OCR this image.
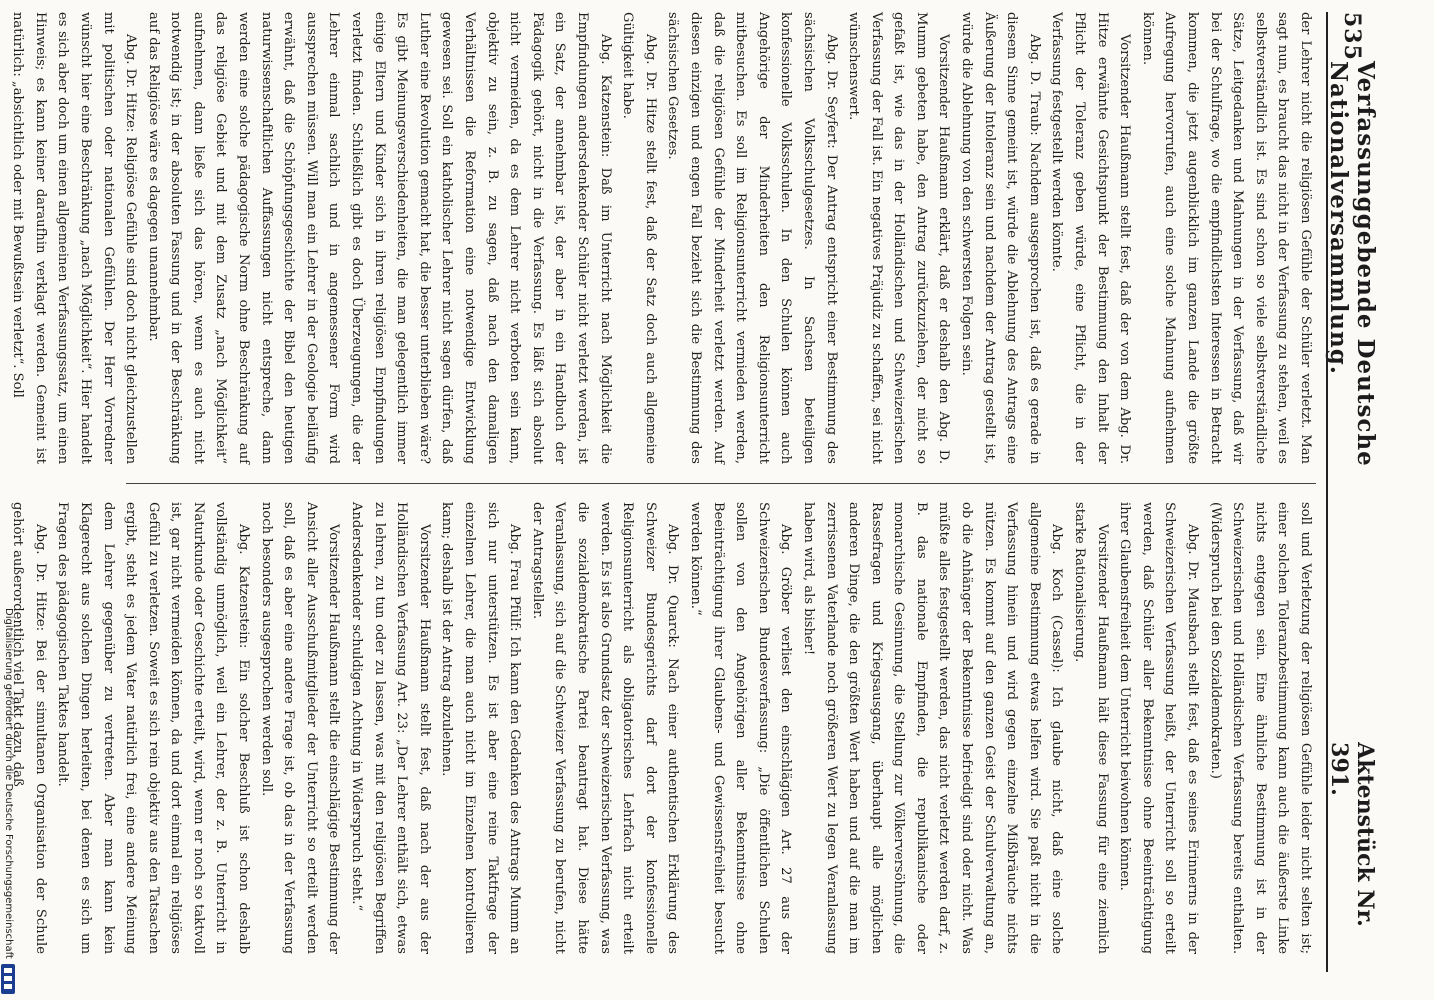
535
Verfassunggebende Deutsche Nationalversammlung.
Aktenstück Nr. 391.

der Lehrer nicht die religiösen Gefühle der Schüler verletzt. Man sagt nun, es braucht das nicht in der Verfassung zu stehen, weil es selbstverständlich ist. Es sind schon so viele selbstverständliche Sätze, Leitgedanken und Mahnungen in der Verfassung, daß wir bei der Schulfrage, wo die empfindlichsten Interessen in Betracht kommen, die jetzt augenblicklich im ganzen Lande die größte Aufregung hervorrufen, auch eine solche Mahnung aufnehmen können.

Vorsitzender Haußmann stellt fest, daß der von dem Abg. Dr. Hitze erwähnte Gesichtspunkt der Bestimmung den Inhalt der Pflicht der Toleranz geben würde, eine Pflicht, die in der Verfassung festgestellt werden könnte.

Abg. D. Traub: Nachdem ausgesprochen ist, daß es gerade in diesem Sinne gemeint ist, würde die Ablehnung des Antrags eine Äußerung der Intoleranz sein und nachdem der Antrag gestellt ist, würde die Ablehnung von den schwersten Folgen sein.

Vorsitzender Haußmann erklärt, daß er deshalb den Abg. D. Mumm gebeten habe, den Antrag zurückzuziehen, der nicht so gefaßt ist, wie das in der Holländischen und Schweizerischen Verfassung der Fall ist. Ein negatives Präjudiz zu schaffen, sei nicht wünschenswert.

Abg. Dr. Seyfert: Der Antrag entspricht einer Bestimmung des sächsischen Volksschulgesetzes. In Sachsen beteiligen konfessionelle Volksschulen. In den Schulen können auch Angehörige der Minderheiten den Religionsunterricht mitbesuchen. Es soll im Religionsunterricht vermieden werden, daß die religiösen Gefühle der Minderheit verletzt werden. Auf diesen einzigen und engen Fall bezieht sich die Bestimmung des sächsischen Gesetzes.

Abg. Dr. Hitze stellt fest, daß der Satz doch auch allgemeine Gültigkeit habe.

Abg. Katzenstein: Daß im Unterricht nach Möglichkeit die Empfindungen andersdenkender Schüler nicht verletzt werden, ist ein Satz, der annehmbar ist, der aber in ein Handbuch der Pädagogik gehört, nicht in die Verfassung. Es läßt sich absolut nicht vermeiden, da es dem Lehrer nicht verboten sein kann, objektiv zu sein, z. B. zu sagen, daß nach den damaligen Verhältnissen die Reformation eine notwendige Entwicklung gewesen sei. Soll ein katholischer Lehrer nicht sagen dürfen, daß Luther eine Revolution gemacht hat, die besser unterblieben wäre? Es gibt Meinungsverschiedenheiten, die man gelegentlich immer einige Eltern und Kinder sich in ihren religiösen Empfindungen verletzt finden. Schließlich gibt es doch Überzeugungen, die der Lehrer einmal sachlich und in angemessener Form wird aussprechen müssen. Will man ein Lehrer in der Geologie beiläufig erwähnt, daß die Schöpfungsgeschichte der Bibel den heutigen naturwissenschaftlichen Auffassungen nicht entspreche, dann werden eine solche pädagogische Norm ohne Beschränkung auf das religiöse Gebiet und mit dem Zusatz „nach Möglichkeit“ aufnehmen, dann ließe sich das hören, wenn es auch nicht notwendig ist; in der absoluten Fassung und in der Beschränkung auf das Religiöse wäre es dagegen unannehmbar.

Abg. Dr. Hitze: Religiöse Gefühle sind doch nicht gleichzustellen mit politischen oder nationalen Gefühlen. Der Herr Vorredner wünscht hier eine Beschränkung „nach Möglichkeit“. Hier handelt es sich aber doch um einen allgemeinen Verfassungssatz, um einen Hinweis; es kann keiner daraufhin verklagt werden. Gemeint ist natürlich: „absichtlich oder mit Bewußtsein verletzt“. Soll

soll und Verletzung der religiösen Gefühle leider nicht selten ist; einer solchen Toleranzbestimmung kann auch die äußerste Linke nichts entgegen sein. Eine ähnliche Bestimmung ist in der Schweizerischen und Holländischen Verfassung bereits enthalten. (Widerspruch bei den Sozialdemokraten.)

Abg. Dr. Mausbach stellt fest, daß es seines Erinnerns in der Schweizerischen Verfassung heißt, der Unterricht soll so erteilt werden, daß Schüler aller Bekenntnisse ohne Beeinträchtigung ihrer Glaubensfreiheit dem Unterricht beiwohnen können.

Vorsitzender Haußmann hält diese Fassung für eine ziemlich starke Rationalisierung.

Abg. Koch (Cassel): Ich glaube nicht, daß eine solche allgemeine Bestimmung etwas helfen wird. Sie paßt nicht in die Verfassung hinein und wird gegen einzelne Mißbräuche nichts nützen. Es kommt auf den ganzen Geist der Schulverwaltung an, ob die Anhänger der Bekenntnisse befriedigt sind oder nicht. Was müßte alles festgestellt werden, das nicht verletzt werden darf, z. B. das nationale Empfinden, die republikanische oder monarchische Gesinnung, die Stellung zur Völkerversöhnung, die Rassefragen und Kriegsausgang, überhaupt alle möglichen anderen Dinge, die den größten Wert haben und auf die man im zerrissenen Vaterlande noch größeren Wert zu legen Veranlassung haben wird, als bisher!

Abg. Gröber verliest den einschlägigen Art. 27 aus der Schweizerischen Bundesverfassung: „Die öffentlichen Schulen sollen von den Angehörigen aller Bekenntnisse ohne Beeinträchtigung ihrer Glaubens- und Gewissensfreiheit besucht werden können.“

Abg. Dr. Quarck: Nach einer authentischen Erklärung des Schweizer Bundesgerichts darf dort der konfessionelle Religionsunterricht als obligatorisches Lehrfach nicht erteilt werden. Es ist also Grundsatz der schweizerischen Verfassung, was die sozialdemokratische Partei beantragt hat. Diese hätte Veranlassung, sich auf die Schweizer Verfassung zu berufen, nicht der Antragsteller.

Abg. Frau Pfülf: Ich kann den Gedanken des Antrags Mumm an sich nur unterstützen. Es ist aber eine reine Taktfrage der einzelnen Lehrer, die man auch nicht im Einzelnen kontrollieren kann; deshalb ist der Antrag abzulehnen.

Vorsitzender Haußmann stellt fest, daß nach der aus der Holländischen Verfassung Art. 23: „Der Lehrer enthält sich, etwas zu lehren, zu tun oder zu lassen, was mit den religiösen Begriffen Andersdenkender schuldigen Achtung in Widerspruch steht.“

Vorsitzender Haußmann stellt die einschlägige Bestimmung der Ansicht aller Ausschußmitglieder der Unterricht so erteilt werden soll, daß es aber eine andere Frage ist, ob das in der Verfassung noch besonders ausgesprochen werden soll.

Abg. Katzenstein: Ein solcher Beschluß ist schon deshalb vollständig unmöglich, weil ein Lehrer, der z. B. Unterricht in Naturkunde oder Geschichte erteilt, wird, wenn er noch so taktvoll ist, gar nicht vermeiden können, da und dort einmal ein religiöses Gefühl zu verletzen. Soweit es sich rein objektiv aus den Tatsachen ergibt, steht es jedem Vater natürlich frei, eine andere Meinung dem Lehrer gegenüber zu vertreten. Aber man kann kein Klagerecht aus solchen Dingen herleiten, bei denen es sich um Fragen des pädagogischen Taktes handelt.

Abg. Dr. Hitze: Bei der simultanen Organisation der Schule gehört außerordentlich viel Takt dazu, daß

Digitalisierung gefördert durch die Deutsche Forschungsgemeinschaft
